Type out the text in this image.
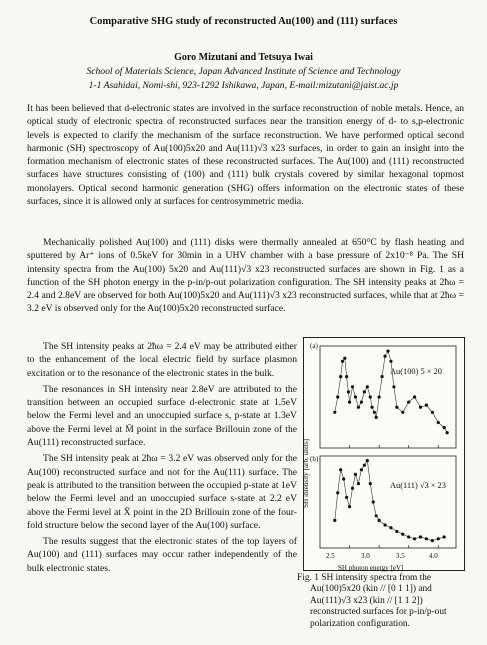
Comparative SHG study of reconstructed Au(100) and (111) surfaces
Goro Mizutani and Tetsuya Iwai
School of Materials Science, Japan Advanced Institute of Science and Technology
1-1 Asahidai, Nomi-shi, 923-1292 Ishikawa, Japan, E-mail:mizutani@jaist.ac.jp

It has been believed that d-electronic states are involved in the surface reconstruction of noble metals. Hence, an optical study of electronic spectra of reconstructed surfaces near the transition energy of d- to s,p-electronic levels is expected to clarify the mechanism of the surface reconstruction. We have performed optical second harmonic (SH) spectroscopy of Au(100)5x20 and Au(111)√3 x23 surfaces, in order to gain an insight into the formation mechanism of electronic states of these reconstructed surfaces. The Au(100) and (111) reconstructed surfaces have structures consisting of (100) and (111) bulk crystals covered by similar hexagonal topmost monolayers. Optical second harmonic generation (SHG) offers information on the electronic states of these surfaces, since it is allowed only at surfaces for centrosymmetric media.

Mechanically polished Au(100) and (111) disks were thermally annealed at 650°C by flash heating and sputtered by Ar⁺ ions of 0.5keV for 30min in a UHV chamber with a base pressure of 2x10⁻⁸ Pa. The SH intensity spectra from the Au(100) 5x20 and Au(111)√3 x23 reconstructed surfaces are shown in Fig. 1 as a function of the SH photon energy in the p-in/p-out polarization configuration. The SH intensity peaks at 2ħω = 2.4 and 2.8eV are observed for both Au(100)5x20 and Au(111)√3 x23 reconstructed surfaces, while that at 2ħω = 3.2 eV is observed only for the Au(100)5x20 reconstructed surface.

The SH intensity peaks at 2ħω = 2.4 eV may be attributed either to the enhancement of the local electric field by surface plasmon excitation or to the resonance of the electronic states in the bulk.

The resonances in SH intensity near 2.8eV are attributed to the transition between an occupied surface d-electronic state at 1.5eV below the Fermi level and an unoccupied surface s, p-state at 1.3eV above the Fermi level at M̄ point in the surface Brillouin zone of the Au(111) reconstructed surface.

The SH intensity peak at 2ħω = 3.2 eV was observed only for the Au(100) reconstructed surface and not for the Au(111) surface. The peak is attributed to the transition between the occupied p-state at 1eV below the Fermi level and an unoccupied surface s-state at 2.2 eV above the Fermi level at X̄ point in the 2D Brillouin zone of the four-fold structure below the second layer of the Au(100) surface.

The results suggest that the electronic states of the top layers of Au(100) and (111) surfaces may occur rather independently of the bulk electronic states.

(a)
(b)
Au(100) 5 × 20
Au(111) √3 × 23
SH intensity [arb. units]
2.5	3.0	3.5	4.0
SH photon energy [eV]
Fig. 1 SH intensity spectra from the
Au(100)5x20 (kin // [0 1 1]) and
Au(111)√3 x23 (kin // [1 1 2])
reconstructed surfaces for p-in/p-out
polarization configuration.
